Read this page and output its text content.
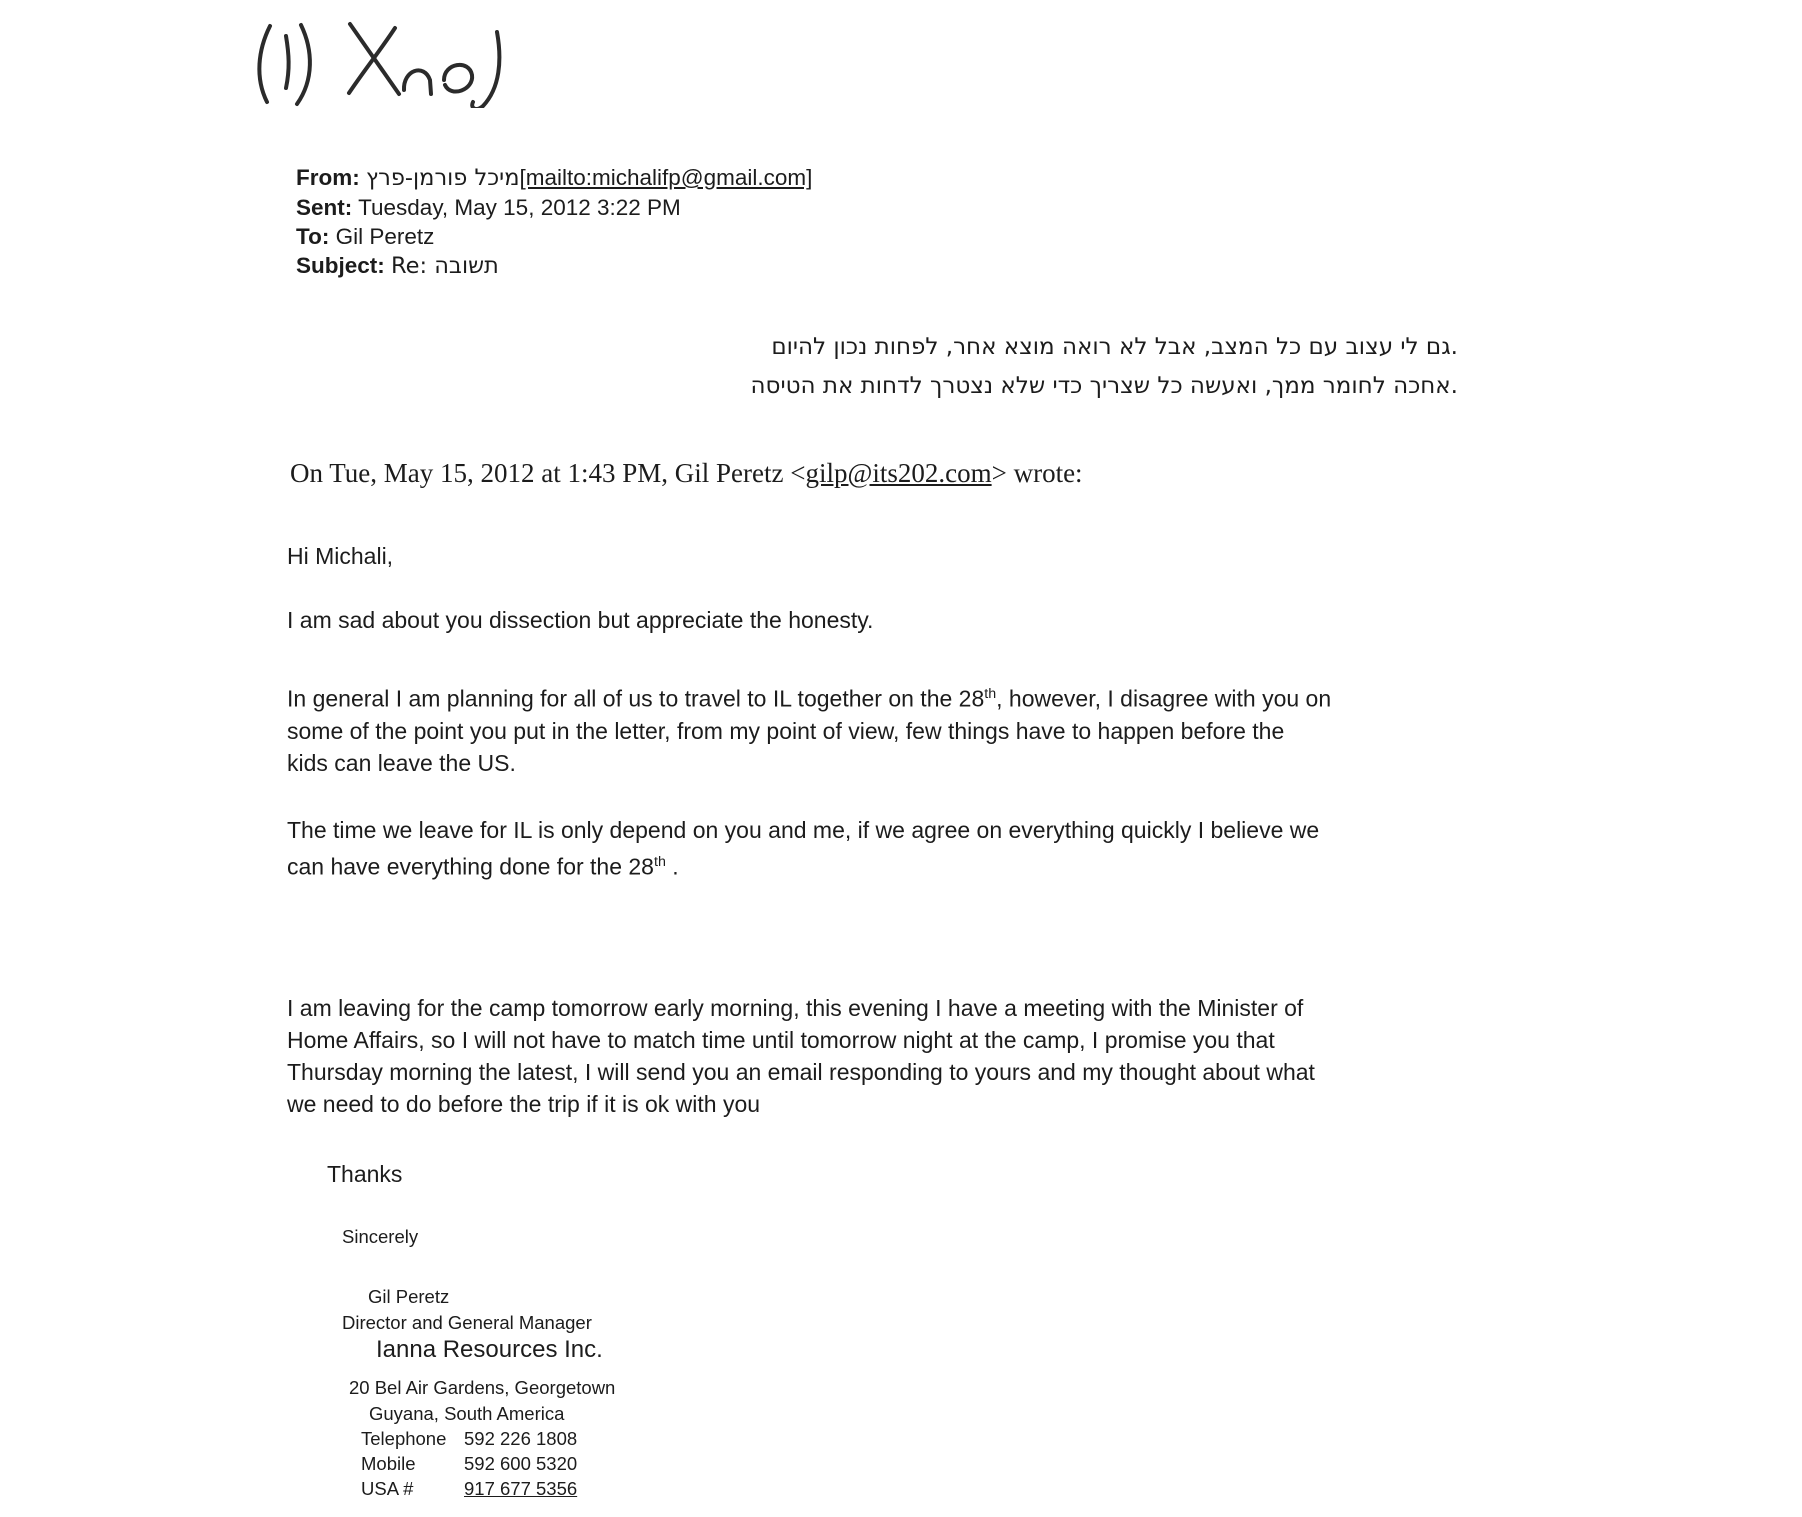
From: מיכל פורמן-פרץ[mailto:michalifp@gmail.com]
Sent: Tuesday, May 15, 2012 3:22 PM
To: Gil Peretz
Subject: Re: תשובה
.גם לי עצוב עם כל המצב, אבל לא רואה מוצא אחר, לפחות נכון להיום
.אחכה לחומר ממך, ואעשה כל שצריך כדי שלא נצטרך לדחות את הטיסה
On Tue, May 15, 2012 at 1:43 PM, Gil Peretz <gilp@its202.com> wrote:
Hi Michali,
I am sad about you dissection but appreciate the honesty.
In general I am planning for all of us to travel to IL together on the 28th, however, I disagree with you on
some of the point you put in the letter, from my point of view, few things have to happen before the
kids can leave the US.
The time we leave for IL is only depend on you and me, if we agree on everything quickly I believe we
can have everything done for the 28th .
I am leaving for the camp tomorrow early morning, this evening I have a meeting with the Minister of
Home Affairs, so I will not have to match time until tomorrow night at the camp, I promise you that
Thursday morning the latest, I will send you an email responding to yours and my thought about what
we need to do before the trip if it is ok with you
Thanks
Sincerely
Gil Peretz
Director and General Manager
Ianna Resources Inc.
20 Bel Air Gardens, Georgetown
Guyana, South America
Telephone 592 226 1808
Mobile	592 600 5320
USA #	917 677 5356
